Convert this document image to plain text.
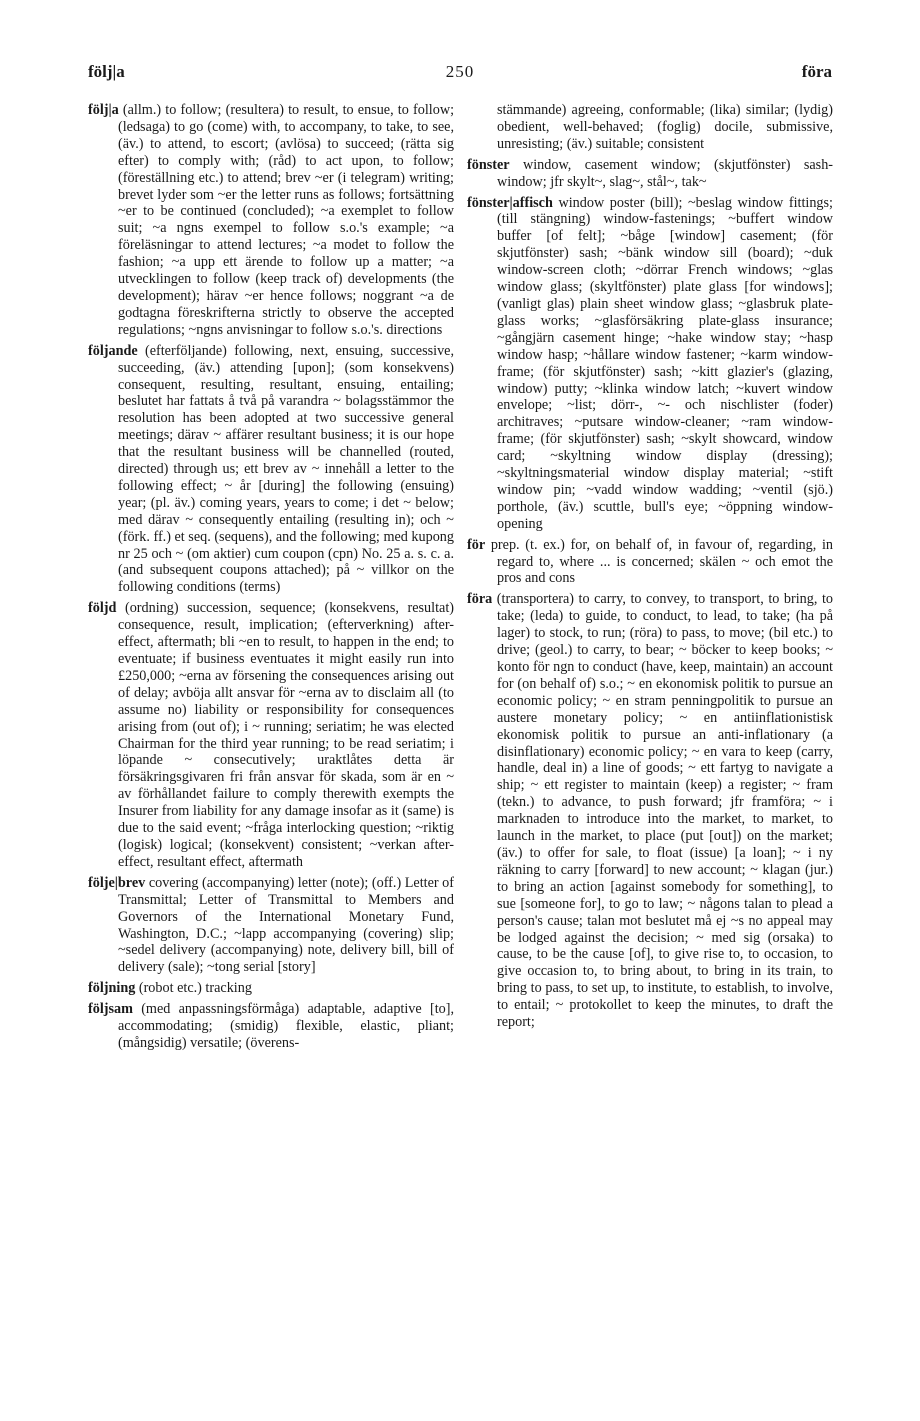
följ|a	250	föra

följ|a (allm.) to follow; (resultera) to result, to ensue, to follow; (ledsaga) to go (come) with, to accompany, to take, to see, (äv.) to attend, to escort; (avlösa) to succeed; (rätta sig efter) to comply with; (råd) to act upon, to follow; (föreställning etc.) to attend; brev ~er (i telegram) writing; brevet lyder som ~er the letter runs as follows; fortsättning ~er to be continued (concluded); ~a exemplet to follow suit; ~a ngns exempel to follow s.o.'s example; ~a föreläsningar to attend lectures; ~a modet to follow the fashion; ~a upp ett ärende to follow up a matter; ~a utvecklingen to follow (keep track of) developments (the development); härav ~er hence follows; noggrant ~a de godtagna föreskrifterna strictly to observe the accepted regulations; ~ngns anvisningar to follow s.o.'s. directions

följande (efterföljande) following, next, ensuing, successive, succeeding, (äv.) attending [upon]; (som konsekvens) consequent, resulting, resultant, ensuing, entailing; beslutet har fattats å två på varandra ~ bolagsstämmor the resolution has been adopted at two successive general meetings; därav ~ affärer resultant business; it is our hope that the resultant business will be channelled (routed, directed) through us; ett brev av ~ innehåll a letter to the following effect; ~ år [during] the following (ensuing) year; (pl. äv.) coming years, years to come; i det ~ below; med därav ~ consequently entailing (resulting in); och ~(förk. ff.) et seq. (sequens), and the following; med kupong nr 25 och ~ (om aktier) cum coupon (cpn) No. 25 a. s. c. a. (and subsequent coupons attached); på ~ villkor on the following conditions (terms)

följd (ordning) succession, sequence; (konsekvens, resultat) consequence, result, implication; (efterverkning) after-effect, aftermath; bli ~en to result, to happen in the end; to eventuate; if business eventuates it might easily run into £250,000; ~erna av försening the consequences arising out of delay; avböja allt ansvar för ~erna av to disclaim all (to assume no) liability or responsibility for consequences arising from (out of); i ~ running; seriatim; he was elected Chairman for the third year running; to be read seriatim; i löpande ~ consecutively; uraktlåtes detta är försäkringsgivaren fri från ansvar för skada, som är en ~ av förhållandet failure to comply therewith exempts the Insurer from liability for any damage insofar as it (same) is due to the said event; ~fråga interlocking question; ~riktig (logisk) logical; (konsekvent) consistent; ~verkan after-effect, resultant effect, aftermath

följe|brev covering (accompanying) letter (note); (off.) Letter of Transmittal; Letter of Transmittal to Members and Governors of the International Monetary Fund, Washington, D.C.; ~lapp accompanying (covering) slip; ~sedel delivery (accompanying) note, delivery bill, bill of delivery (sale); ~tong serial [story]

följning (robot etc.) tracking

följsam (med anpassningsförmåga) adaptable, adaptive [to], accommodating; (smidig) flexible, elastic, pliant; (mångsidig) versatile; (överens-

stämmande) agreeing, conformable; (lika) similar; (lydig) obedient, well-behaved; (foglig) docile, submissive, unresisting; (äv.) suitable; consistent

fönster window, casement window; (skjutfönster) sash-window; jfr skylt~, slag~, stål~, tak~

fönster|affisch window poster (bill); ~beslag window fittings; (till stängning) window-fastenings; ~buffert window buffer [of felt]; ~båge [window] casement; (för skjutfönster) sash; ~bänk window sill (board); ~duk window-screen cloth; ~dörrar French windows; ~glas window glass; (skyltfönster) plate glass [for windows]; (vanligt glas) plain sheet window glass; ~glasbruk plate-glass works; ~glasförsäkring plate-glass insurance; ~gångjärn casement hinge; ~hake window stay; ~hasp window hasp; ~hållare window fastener; ~karm window-frame; (för skjutfönster) sash; ~kitt glazier's (glazing, window) putty; ~klinka window latch; ~kuvert window envelope; ~list; dörr-, ~- och nischlister (foder) architraves; ~putsare window-cleaner; ~ram window-frame; (för skjutfönster) sash; ~skylt showcard, window card; ~skyltning window display (dressing); ~skyltningsmaterial window display material; ~stift window pin; ~vadd window wadding; ~ventil (sjö.) porthole, (äv.) scuttle, bull's eye; ~öppning window-opening

för prep. (t. ex.) for, on behalf of, in favour of, regarding, in regard to, where ... is concerned; skälen ~ och emot the pros and cons

föra (transportera) to carry, to convey, to transport, to bring, to take; (leda) to guide, to conduct, to lead, to take; (ha på lager) to stock, to run; (röra) to pass, to move; (bil etc.) to drive; (geol.) to carry, to bear; ~ böcker to keep books; ~ konto för ngn to conduct (have, keep, maintain) an account for (on behalf of) s.o.; ~ en ekonomisk politik to pursue an economic policy; ~ en stram penningpolitik to pursue an austere monetary policy; ~ en antiinflationistisk ekonomisk politik to pursue an anti-inflationary (a disinflationary) economic policy; ~ en vara to keep (carry, handle, deal in) a line of goods; ~ ett fartyg to navigate a ship; ~ ett register to maintain (keep) a register; ~ fram (tekn.) to advance, to push forward; jfr framföra; ~ i marknaden to introduce into the market, to market, to launch in the market, to place (put [out]) on the market; (äv.) to offer for sale, to float (issue) [a loan]; ~ i ny räkning to carry [forward] to new account; ~ klagan (jur.) to bring an action [against somebody for something], to sue [someone for], to go to law; ~ någons talan to plead a person's cause; talan mot beslutet må ej ~s no appeal may be lodged against the decision; ~ med sig (orsaka) to cause, to be the cause [of], to give rise to, to occasion, to give occasion to, to bring about, to bring in its train, to bring to pass, to set up, to institute, to establish, to involve, to entail; ~ protokollet to keep the minutes, to draft the report;
